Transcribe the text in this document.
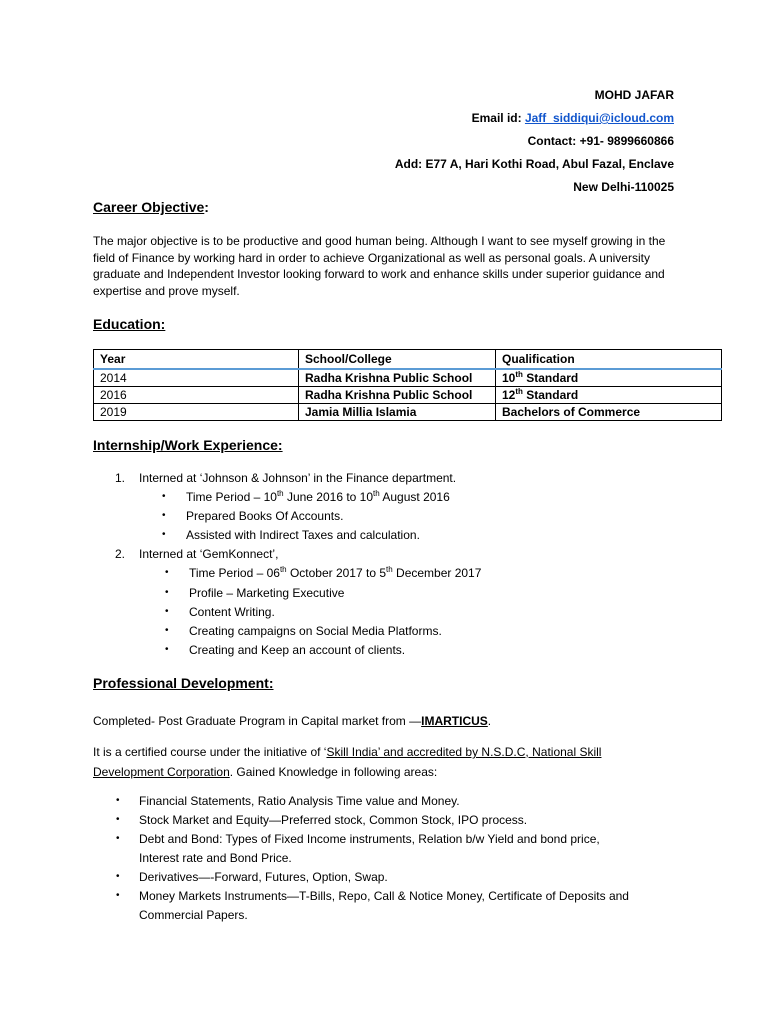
MOHD JAFAR
Email id: Jaff_siddiqui@icloud.com
Contact: +91- 9899660866
Add: E77 A, Hari Kothi Road, Abul Fazal, Enclave
New Delhi-110025
Career Objective:
The major objective is to be productive and good human being. Although I want to see myself growing in the field of Finance by working hard in order to achieve Organizational as well as personal goals. A university graduate and Independent Investor looking forward to work and enhance skills under superior guidance and expertise and prove myself.
Education:
Year	School/College	Qualification
2014	Radha Krishna Public School	10th Standard
2016	Radha Krishna Public School	12th Standard
2019	Jamia Millia Islamia	Bachelors of Commerce
Internship/Work Experience:
1. Interned at ‘Johnson & Johnson’ in the Finance department.
• Time Period – 10th June 2016 to 10th August 2016
• Prepared Books Of Accounts.
• Assisted with Indirect Taxes and calculation.
2. Interned at ‘GemKonnect’,
• Time Period – 06th October 2017 to 5th December 2017
• Profile – Marketing Executive
• Content Writing.
• Creating campaigns on Social Media Platforms.
• Creating and Keep an account of clients.
Professional Development:
Completed- Post Graduate Program in Capital market from —IMARTICUS.
It is a certified course under the initiative of ‘Skill India’ and accredited by N.S.D.C, National Skill Development Corporation. Gained Knowledge in following areas:
• Financial Statements, Ratio Analysis Time value and Money.
• Stock Market and Equity—Preferred stock, Common Stock, IPO process.
• Debt and Bond: Types of Fixed Income instruments, Relation b/w Yield and bond price,
Interest rate and Bond Price.
• Derivatives—-Forward, Futures, Option, Swap.
• Money Markets Instruments—T-Bills, Repo, Call & Notice Money, Certificate of Deposits and
Commercial Papers.
